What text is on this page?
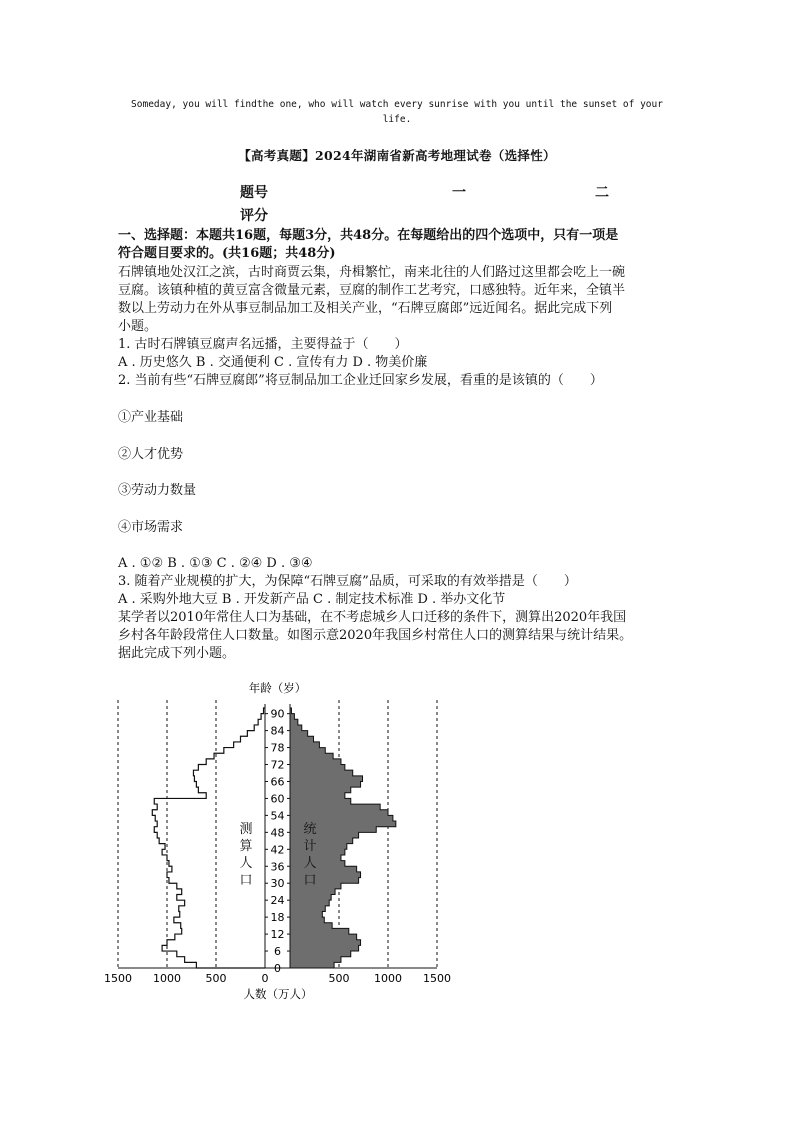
Someday, you will findthe one, who will watch every sunrise with you until the sunset of your
life.
【高考真题】2024年湖南省新高考地理试卷（选择性）
题号	一	二
评分
一、选择题：本题共16题，每题3分，共48分。在每题给出的四个选项中，只有一项是
符合题目要求的。(共16题；共48分)
石牌镇地处汉江之滨，古时商贾云集，舟楫繁忙，南来北往的人们路过这里都会吃上一碗
豆腐。该镇种植的黄豆富含微量元素，豆腐的制作工艺考究，口感独特。近年来，全镇半
数以上劳动力在外从事豆制品加工及相关产业，“石牌豆腐郎”远近闻名。据此完成下列
小题。
1. 古时石牌镇豆腐声名远播，主要得益于（　　）
A . 历史悠久 B . 交通便利 C . 宣传有力 D . 物美价廉
2. 当前有些“石牌豆腐郎”将豆制品加工企业迁回家乡发展，看重的是该镇的（　　）
①产业基础
②人才优势
③劳动力数量
④市场需求
A . ①② B . ①③ C . ②④ D . ③④
3. 随着产业规模的扩大，为保障“石牌豆腐”品质，可采取的有效举措是（　　）
A . 采购外地大豆 B . 开发新产品 C . 制定技术标准 D . 举办文化节
某学者以2010年常住人口为基础，在不考虑城乡人口迁移的条件下，测算出2020年我国
乡村各年龄段常住人口数量。如图示意2020年我国乡村常住人口的测算结果与统计结果。
据此完成下列小题。
0
6
12
18
24
30
36
42
48
54
60
66
72
78
84
90
1500 1000 500	0	500 1000 1500
年龄（岁）
人数（万人）
测
算
人
口
统
计
人
口
